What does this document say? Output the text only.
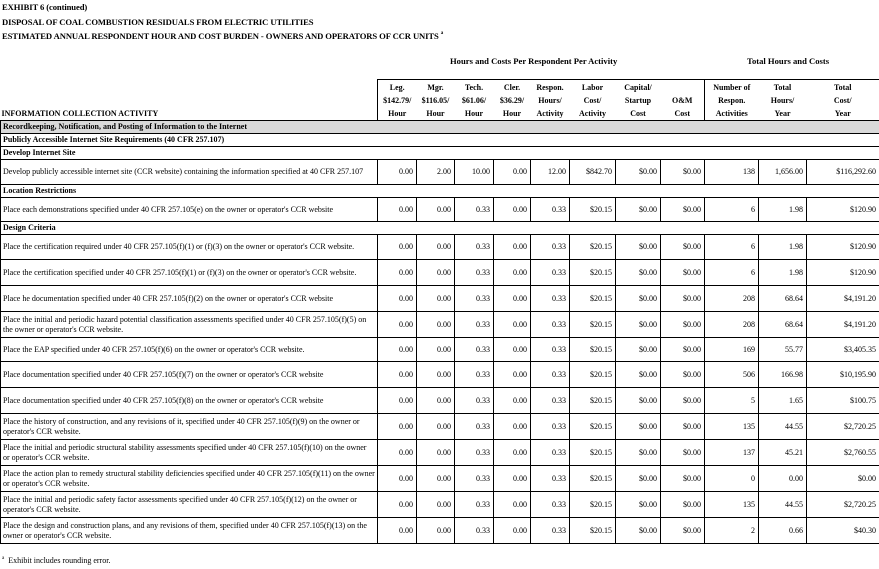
EXHIBIT 6 (continued)
DISPOSAL OF COAL COMBUSTION RESIDUALS FROM ELECTRIC UTILITIES
ESTIMATED ANNUAL RESPONDENT HOUR AND COST BURDEN - OWNERS AND OPERATORS OF CCR UNITS $^a$
Hours and Costs Per Respondent Per Activity	Total Hours and Costs
INFORMATION COLLECTION ACTIVITY	Leg.
$142.79/
Hour	Mgr.
$116.05/
Hour	Tech.
$61.06/
Hour	Cler.
$36.29/
Hour	Respon.
Hours/
Activity	Labor
Cost/
Activity	Capital/
Startup
Cost	O&M
Cost	Number of
Respon.
Activities	Total
Hours/
Year	Total
Cost/
Year
Recordkeeping, Notification, and Posting of Information to the Internet											
Publicly Accessible Internet Site Requirements (40 CFR 257.107)											
Develop Internet Site											
Develop publicly accessible internet site (CCR website) containing the information specified at 40 CFR 257.107	0.00	2.00	10.00	0.00	12.00	$842.70	$0.00	$0.00	138	1,656.00	$116,292.60
Location Restrictions											
Place each demonstrations specified under 40 CFR 257.105(e) on the owner or operator's CCR website	0.00	0.00	0.33	0.00	0.33	$20.15	$0.00	$0.00	6	1.98	$120.90
Design Criteria											
Place the certification required under 40 CFR 257.105(f)(1) or (f)(3) on the owner or operator's CCR website.	0.00	0.00	0.33	0.00	0.33	$20.15	$0.00	$0.00	6	1.98	$120.90
Place the certification specified under 40 CFR 257.105(f)(1) or (f)(3) on the owner or operator's CCR website.	0.00	0.00	0.33	0.00	0.33	$20.15	$0.00	$0.00	6	1.98	$120.90
Place he documentation specified under 40 CFR 257.105(f)(2) on the owner or operator's CCR website	0.00	0.00	0.33	0.00	0.33	$20.15	$0.00	$0.00	208	68.64	$4,191.20
Place the initial and periodic hazard potential classification assessments specified under 40 CFR 257.105(f)(5) on the owner or operator's CCR website.	0.00	0.00	0.33	0.00	0.33	$20.15	$0.00	$0.00	208	68.64	$4,191.20
Place the EAP specified under 40 CFR 257.105(f)(6) on the owner or operator's CCR website.	0.00	0.00	0.33	0.00	0.33	$20.15	$0.00	$0.00	169	55.77	$3,405.35
Place documentation specified under 40 CFR 257.105(f)(7) on the owner or operator's CCR website	0.00	0.00	0.33	0.00	0.33	$20.15	$0.00	$0.00	506	166.98	$10,195.90
Place documentation specified under 40 CFR 257.105(f)(8) on the owner or operator's CCR website	0.00	0.00	0.33	0.00	0.33	$20.15	$0.00	$0.00	5	1.65	$100.75
Place the history of construction, and any revisions of it, specified under 40 CFR 257.105(f)(9) on the owner or operator's CCR website.	0.00	0.00	0.33	0.00	0.33	$20.15	$0.00	$0.00	135	44.55	$2,720.25
Place the initial and periodic structural stability assessments specified under 40 CFR 257.105(f)(10) on the owner or operator's CCR website.	0.00	0.00	0.33	0.00	0.33	$20.15	$0.00	$0.00	137	45.21	$2,760.55
Place the action plan to remedy structural stability deficiencies specified under 40 CFR 257.105(f)(11) on the owner or operator's CCR website.	0.00	0.00	0.33	0.00	0.33	$20.15	$0.00	$0.00	0	0.00	$0.00
Place the initial and periodic safety factor assessments specified under 40 CFR 257.105(f)(12) on the owner or operator's CCR website.	0.00	0.00	0.33	0.00	0.33	$20.15	$0.00	$0.00	135	44.55	$2,720.25
Place the design and construction plans, and any revisions of them, specified under 40 CFR 257.105(f)(13) on the owner or operator's CCR website.	0.00	0.00	0.33	0.00	0.33	$20.15	$0.00	$0.00	2	0.66	$40.30
$^a$ Exhibit includes rounding error.
